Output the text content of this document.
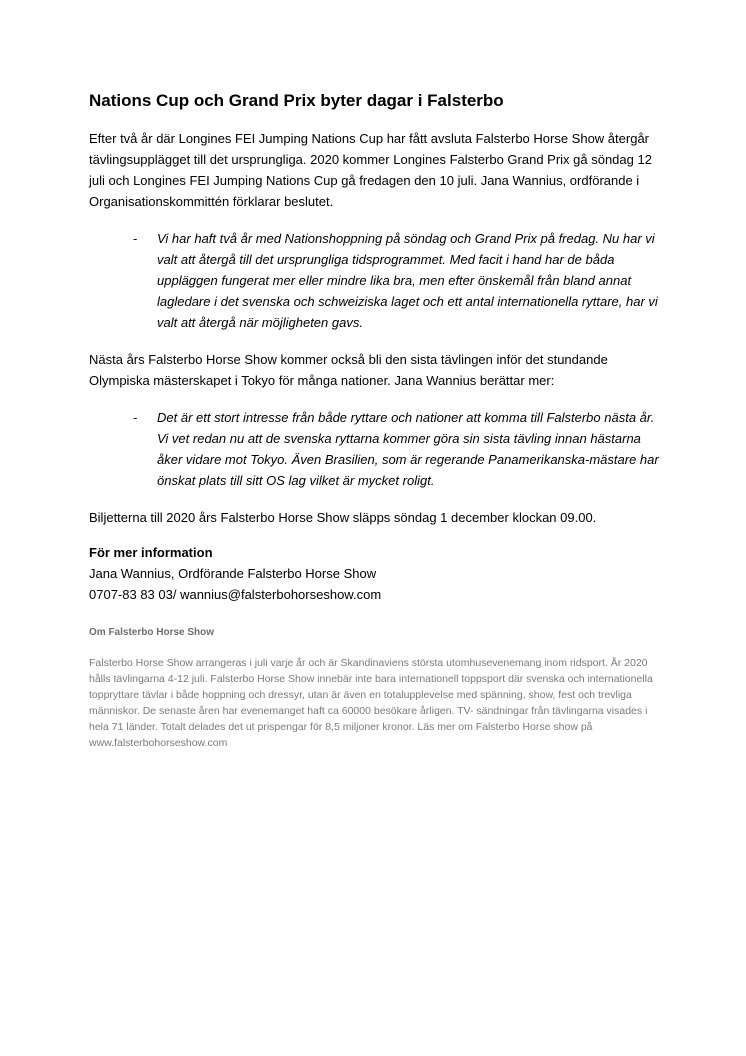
Nations Cup och Grand Prix byter dagar i Falsterbo

Efter två år där Longines FEI Jumping Nations Cup har fått avsluta Falsterbo Horse Show återgår tävlingsupplägget till det ursprungliga. 2020 kommer Longines Falsterbo Grand Prix gå söndag 12 juli och Longines FEI Jumping Nations Cup gå fredagen den 10 juli. Jana Wannius, ordförande i Organisationskommittén förklarar beslutet.

- Vi har haft två år med Nationshoppning på söndag och Grand Prix på fredag. Nu har vi valt att återgå till det ursprungliga tidsprogrammet. Med facit i hand har de båda uppläggen fungerat mer eller mindre lika bra, men efter önskemål från bland annat lagledare i det svenska och schweiziska laget och ett antal internationella ryttare, har vi valt att återgå när möjligheten gavs.

Nästa års Falsterbo Horse Show kommer också bli den sista tävlingen inför det stundande Olympiska mästerskapet i Tokyo för många nationer. Jana Wannius berättar mer:

- Det är ett stort intresse från både ryttare och nationer att komma till Falsterbo nästa år. Vi vet redan nu att de svenska ryttarna kommer göra sin sista tävling innan hästarna åker vidare mot Tokyo. Även Brasilien, som är regerande Panamerikanska-mästare har önskat plats till sitt OS lag vilket är mycket roligt.

Biljetterna till 2020 års Falsterbo Horse Show släpps söndag 1 december klockan 09.00.

För mer information
Jana Wannius, Ordförande Falsterbo Horse Show
0707-83 83 03/ wannius@falsterbohorseshow.com

Om Falsterbo Horse Show

Falsterbo Horse Show arrangeras i juli varje år och är Skandinaviens största utomhusevenemang inom ridsport. År 2020 hålls tävlingarna 4-12 juli. Falsterbo Horse Show innebär inte bara internationell toppsport där svenska och internationella toppryttare tävlar i både hoppning och dressyr, utan är även en totalupplevelse med spänning, show, fest och trevliga människor. De senaste åren har evenemanget haft ca 60000 besökare årligen. TV- sändningar från tävlingarna visades i hela 71 länder. Totalt delades det ut prispengar för 8,5 miljoner kronor. Läs mer om Falsterbo Horse show på www.falsterbohorseshow.com
